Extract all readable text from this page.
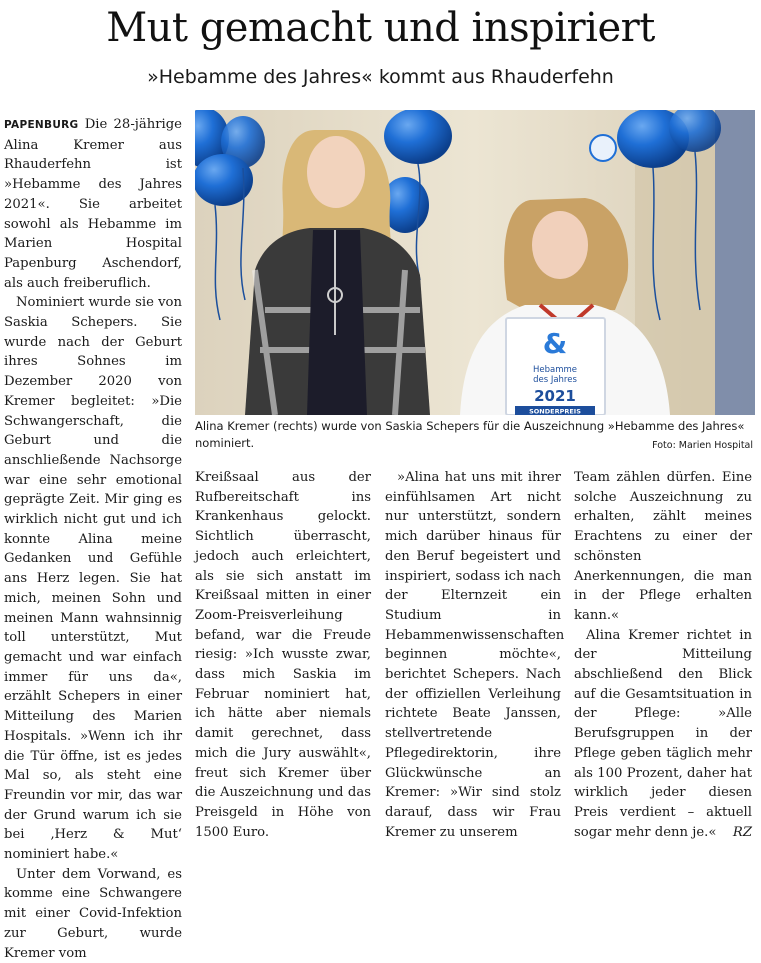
Mut gemacht und inspiriert
»Hebamme des Jahres« kommt aus Rhauderfehn

PAPENBURG Die 28-jährige Alina Kremer aus Rhauderfehn ist »Hebamme des Jahres 2021«. Sie arbeitet sowohl als Hebamme im Marien Hospital Papenburg Aschendorf, als auch freiberuflich.

Nominiert wurde sie von Saskia Schepers. Sie wurde nach der Geburt ihres Sohnes im Dezember 2020 von Kremer begleitet: »Die Schwangerschaft, die Geburt und die anschließende Nachsorge war eine sehr emotional geprägte Zeit. Mir ging es wirklich nicht gut und ich konnte Alina meine Gedanken und Gefühle ans Herz legen. Sie hat mich, meinen Sohn und meinen Mann wahnsinnig toll unterstützt, Mut gemacht und war einfach immer für uns da«, erzählt Schepers in einer Mitteilung des Marien Hospitals. »Wenn ich ihr die Tür öffne, ist es jedes Mal so, als steht eine Freundin vor mir, das war der Grund warum ich sie bei ‚Herz & Mut‘ nominiert habe.«

Unter dem Vorwand, es komme eine Schwangere mit einer Covid-Infektion zur Geburt, wurde Kremer vom

&
Hebamme
des Jahres
2021
SONDERPREIS
Alina Kremer (rechts) wurde von Saskia Schepers für die Auszeichnung »Hebamme des Jahres« nominiert.	Foto: Marien Hospital

Kreißsaal aus der Rufbereitschaft ins Krankenhaus gelockt. Sichtlich überrascht, jedoch auch erleichtert, als sie sich anstatt im Kreißsaal mitten in einer Zoom-Preisverleihung befand, war die Freude riesig: »Ich wusste zwar, dass mich Saskia im Februar nominiert hat, ich hätte aber niemals damit gerechnet, dass mich die Jury auswählt«, freut sich Kremer über die Auszeichnung und das Preisgeld in Höhe von 1500 Euro.

»Alina hat uns mit ihrer einfühlsamen Art nicht nur unterstützt, sondern mich darüber hinaus für den Beruf begeistert und inspiriert, sodass ich nach der Elternzeit ein Studium in Hebammenwissenschaften beginnen möchte«, berichtet Schepers. Nach der offiziellen Verleihung richtete Beate Janssen, stellvertretende Pflegedirektorin, ihre Glückwünsche an Kremer: »Wir sind stolz darauf, dass wir Frau Kremer zu unserem

Team zählen dürfen. Eine solche Auszeichnung zu erhalten, zählt meines Erachtens zu einer der schönsten Anerkennungen, die man in der Pflege erhalten kann.«

Alina Kremer richtet in der Mitteilung abschließend den Blick auf die Gesamtsituation in der Pflege: »Alle Berufsgruppen in der Pflege geben täglich mehr als 100 Prozent, daher hat wirklich jeder diesen Preis verdient – aktuell sogar mehr denn je.« RZ
